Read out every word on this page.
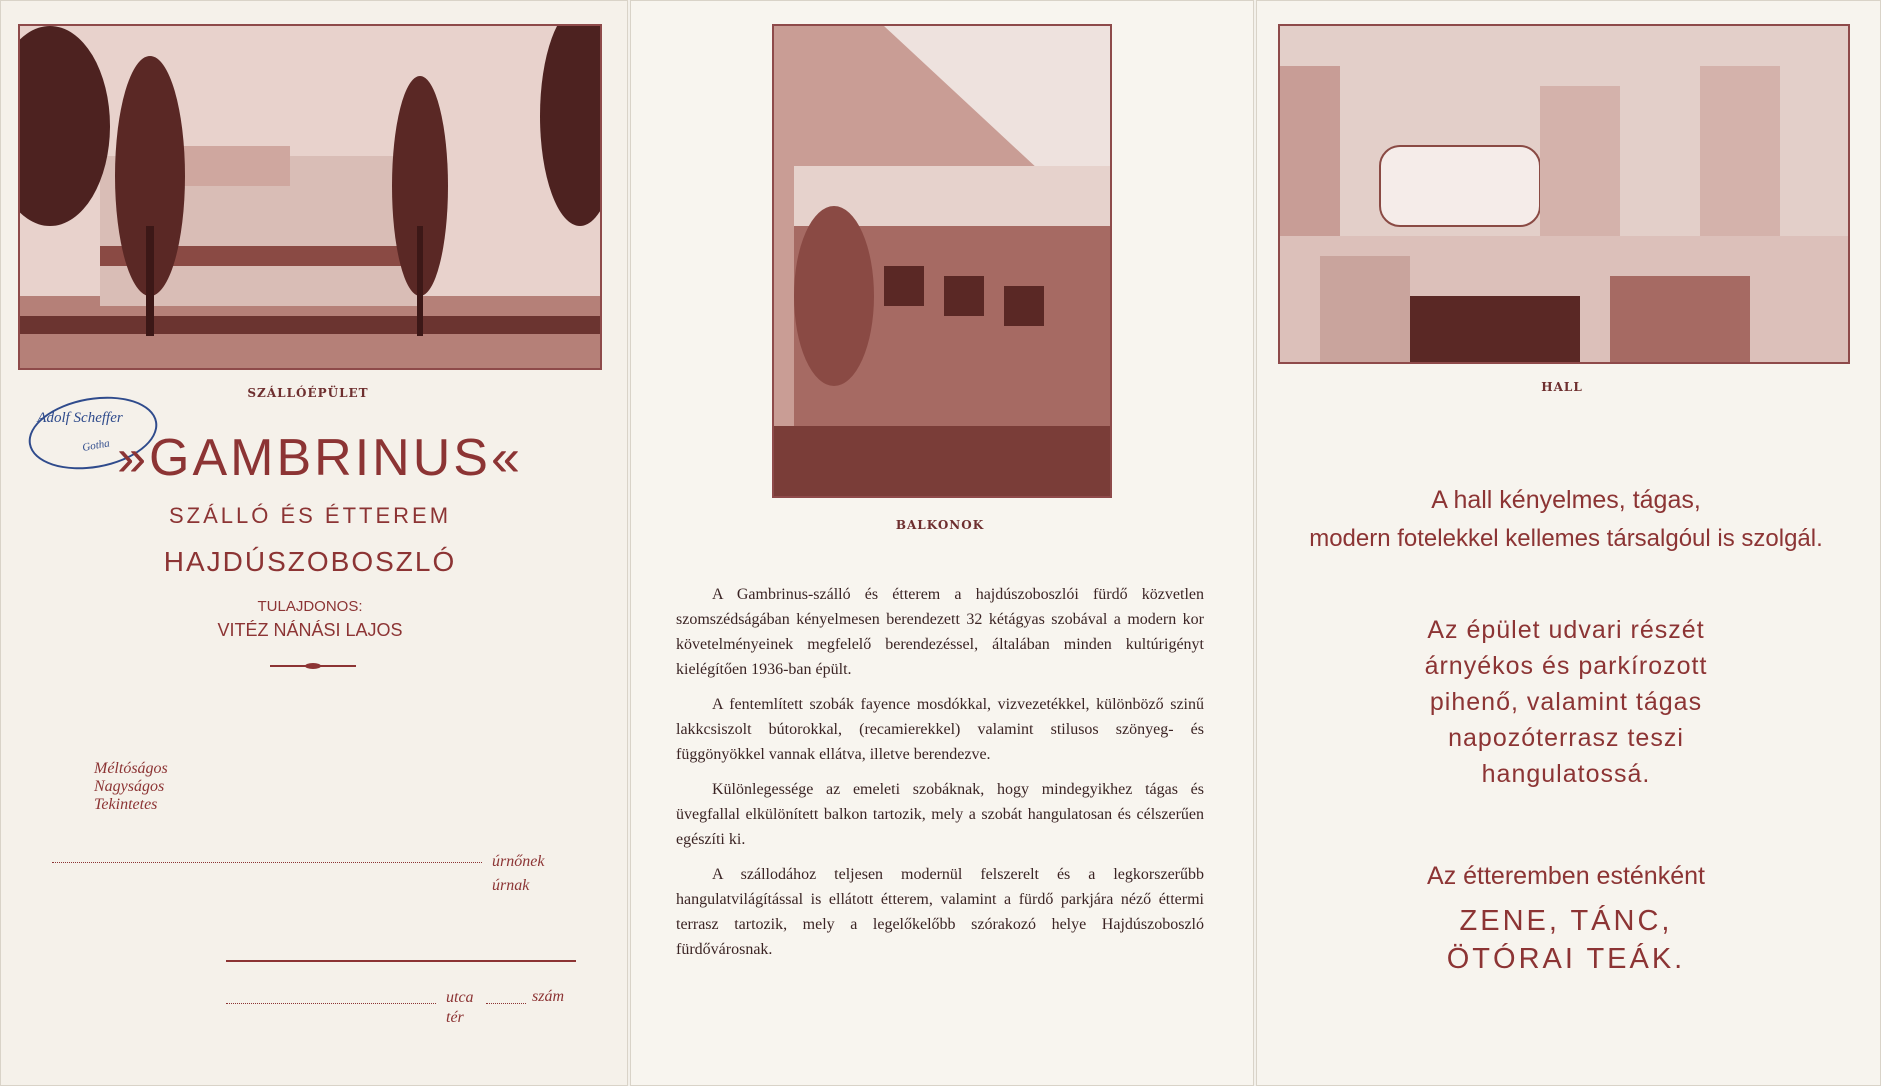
SZÁLLÓÉPÜLET
Adolf Scheffer
Gotha »GAMBRINUS«
SZÁLLÓ ÉS ÉTTEREM
HAJDÚSZOBOSZLÓ
TULAJDONOS:
VITÉZ NÁNÁSI LAJOS
Méltóságos
Nagyságos
Tekintetes
úrnőnek
úrnak
utca
tér
szám
BALKONOK

A Gambrinus-szálló és étterem a hajdúszoboszlói fürdő közvetlen szomszédságában kényelmesen berendezett 32 kétágyas szobával a modern kor követelményeinek megfelelő berendezéssel, általában minden kultúrigényt kielégítően 1936-ban épült.

A fentemlített szobák fayence mosdókkal, vizvezetékkel, különböző szinű lakkcsiszolt bútorokkal, (recamierekkel) valamint stilusos szönyeg- és függönyökkel vannak ellátva, illetve berendezve.

Különlegessége az emeleti szobáknak, hogy mindegyikhez tágas és üvegfallal elkülönített balkon tartozik, mely a szobát hangulatosan és célszerűen egészíti ki.

A szállodához teljesen modernül felszerelt és a legkorszerűbb hangulatvilágítással is ellátott étterem, valamint a fürdő parkjára néző éttermi terrasz tartozik, mely a legelőkelőbb szórakozó helye Hajdúszoboszló fürdővárosnak.

HALL
A hall kényelmes, tágas,
modern fotelekkel kellemes társalgóul is szolgál.
Az épület udvari részét
árnyékos és parkírozott
pihenő, valamint tágas
napozóterrasz teszi
hangulatossá.
Az étteremben esténként
ZENE, TÁNC,
ÖTÓRAI TEÁK.
